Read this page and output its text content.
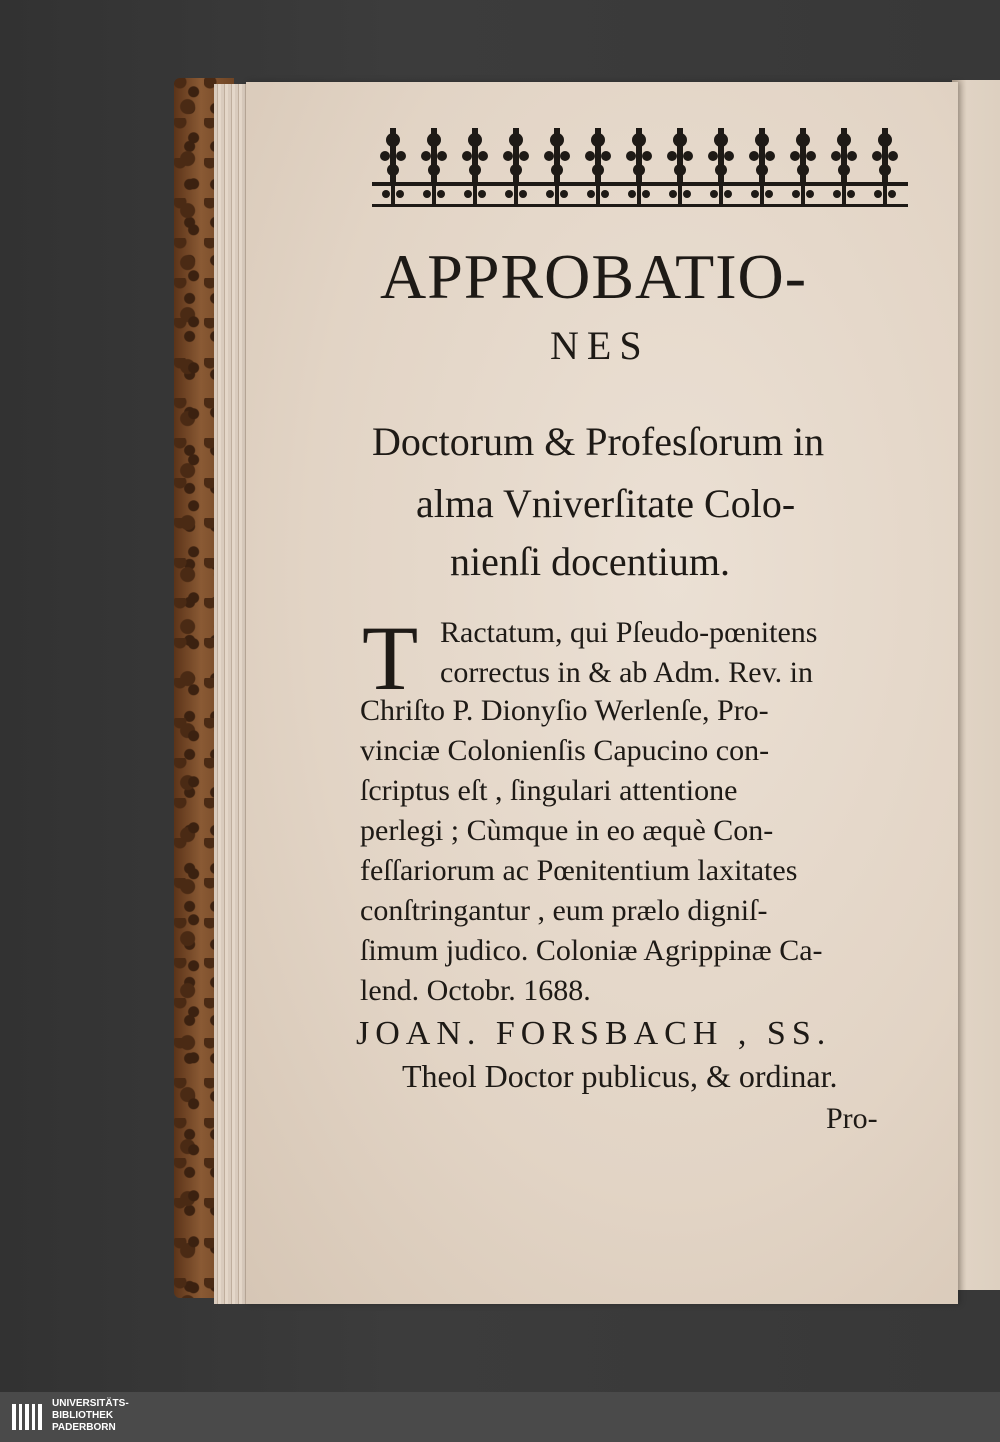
APPROBATIO-
NES
Doctorum & Profesſorum in
alma Vniverſitate Colo-
nienſi docentium.
T Ractatum, qui Pſeudo-pœnitens
correctus in & ab Adm. Rev. in
Chriſto P. Dionyſio Werlenſe, Pro-
vinciæ Colonienſis Capucino con-
ſcriptus eſt , ſingulari attentione
perlegi ; Cùmque in eo æquè Con-
feſſariorum ac Pœnitentium laxitates
conſtringantur , eum prælo digniſ-
ſimum judico. Coloniæ Agrippinæ Ca-
lend. Octobr. 1688.
JOAN. FORSBACH , SS.
Theol Doctor publicus, & ordinar.
Pro-
UNIVERSITÄTS-
BIBLIOTHEK
PADERBORN
